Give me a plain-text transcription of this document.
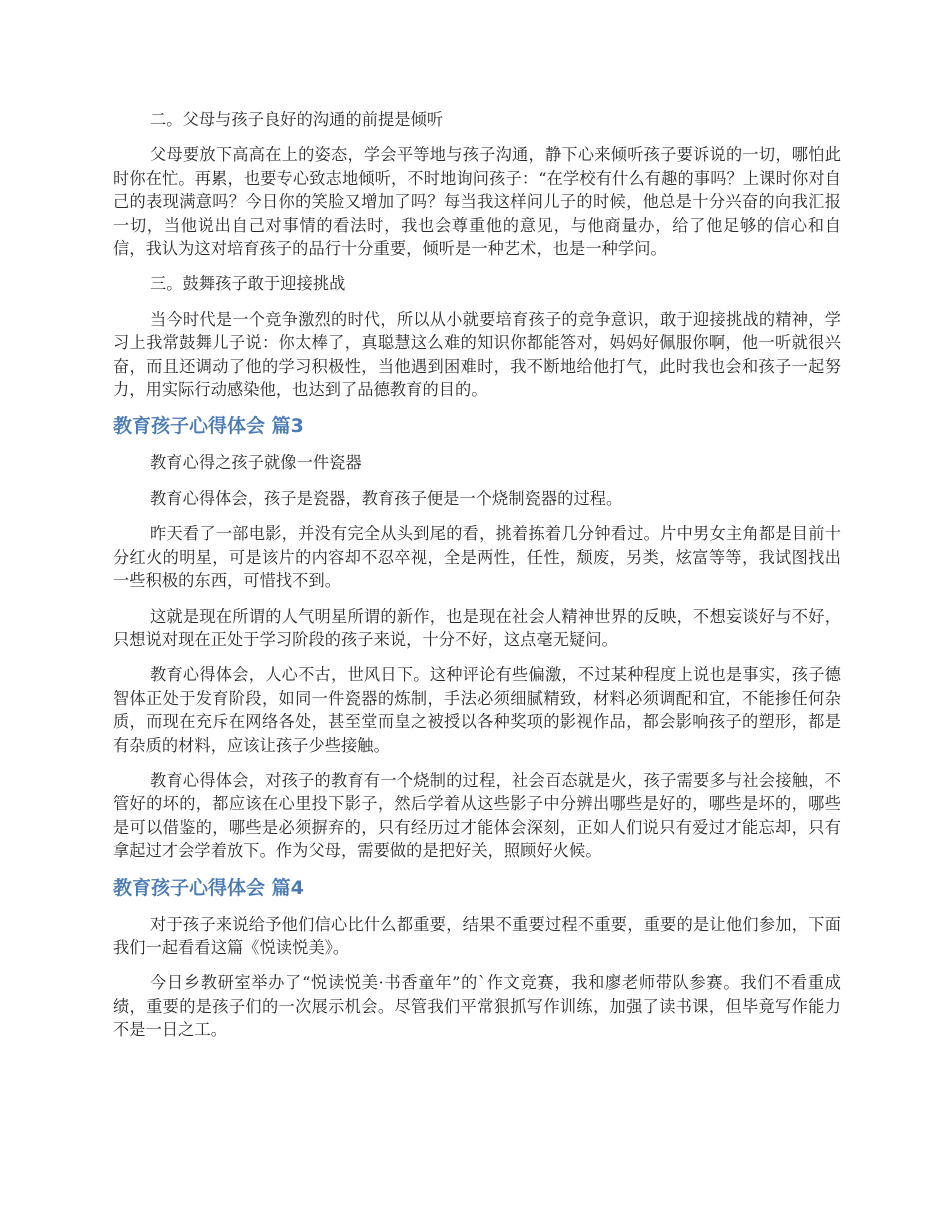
二。父母与孩子良好的沟通的前提是倾听

父母要放下高高在上的姿态，学会平等地与孩子沟通，静下心来倾听孩子要诉说的一切，哪怕此时你在忙。再累，也要专心致志地倾听，不时地询问孩子：“在学校有什么有趣的事吗？上课时你对自己的表现满意吗？今日你的笑脸又增加了吗？每当我这样问儿子的时候，他总是十分兴奋的向我汇报一切，当他说出自己对事情的看法时，我也会尊重他的意见，与他商量办，给了他足够的信心和自信，我认为这对培育孩子的品行十分重要，倾听是一种艺术，也是一种学问。

三。鼓舞孩子敢于迎接挑战

当今时代是一个竞争激烈的时代，所以从小就要培育孩子的竞争意识，敢于迎接挑战的精神，学习上我常鼓舞儿子说：你太棒了，真聪慧这么难的知识你都能答对，妈妈好佩服你啊，他一听就很兴奋，而且还调动了他的学习积极性，当他遇到困难时，我不断地给他打气，此时我也会和孩子一起努力，用实际行动感染他，也达到了品德教育的目的。

教育孩子心得体会 篇3

教育心得之孩子就像一件瓷器

教育心得体会，孩子是瓷器，教育孩子便是一个烧制瓷器的过程。

昨天看了一部电影，并没有完全从头到尾的看，挑着拣着几分钟看过。片中男女主角都是目前十分红火的明星，可是该片的内容却不忍卒视，全是两性，任性，颓废，另类，炫富等等，我试图找出一些积极的东西，可惜找不到。

这就是现在所谓的人气明星所谓的新作，也是现在社会人精神世界的反映，不想妄谈好与不好，只想说对现在正处于学习阶段的孩子来说，十分不好，这点毫无疑问。

教育心得体会，人心不古，世风日下。这种评论有些偏激，不过某种程度上说也是事实，孩子德智体正处于发育阶段，如同一件瓷器的炼制，手法必须细腻精致，材料必须调配和宜，不能掺任何杂质，而现在充斥在网络各处，甚至堂而皇之被授以各种奖项的影视作品，都会影响孩子的塑形，都是有杂质的材料，应该让孩子少些接触。

教育心得体会，对孩子的教育有一个烧制的过程，社会百态就是火，孩子需要多与社会接触，不管好的坏的，都应该在心里投下影子，然后学着从这些影子中分辨出哪些是好的，哪些是坏的，哪些是可以借鉴的，哪些是必须摒弃的，只有经历过才能体会深刻，正如人们说只有爱过才能忘却，只有拿起过才会学着放下。作为父母，需要做的是把好关，照顾好火候。

教育孩子心得体会 篇4

对于孩子来说给予他们信心比什么都重要，结果不重要过程不重要，重要的是让他们参加，下面我们一起看看这篇《悦读悦美》。

今日乡教研室举办了“悦读悦美·书香童年”的`作文竞赛，我和廖老师带队参赛。我们不看重成绩，重要的是孩子们的一次展示机会。尽管我们平常狠抓写作训练，加强了读书课，但毕竟写作能力不是一日之工。
